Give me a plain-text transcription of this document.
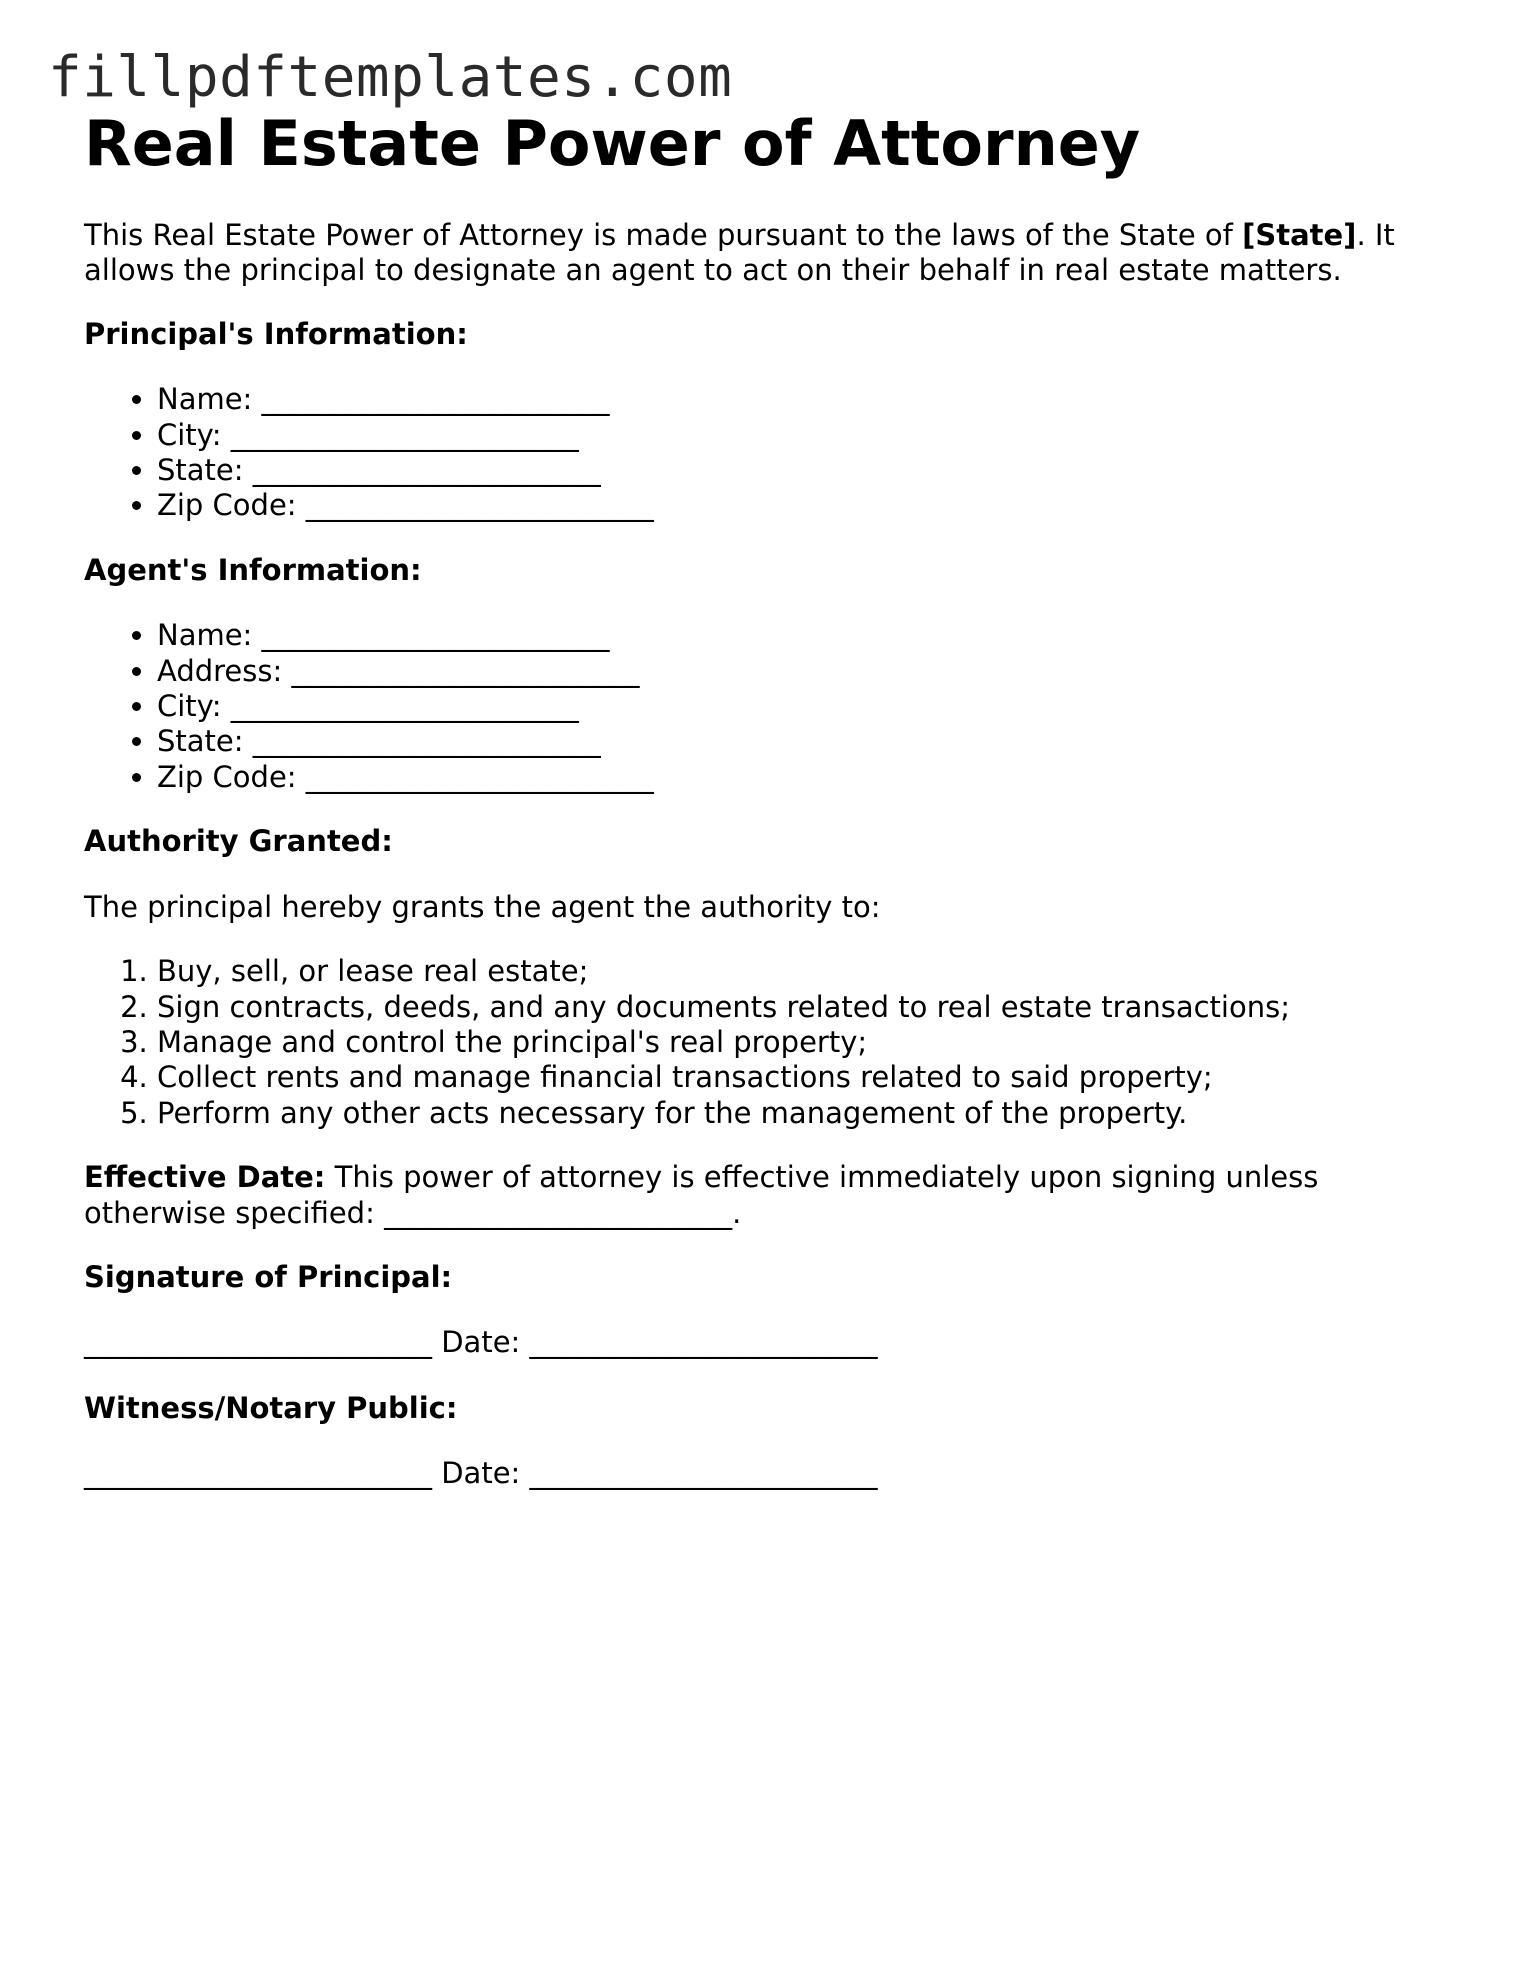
fillpdftemplates.com
Real Estate Power of Attorney

This Real Estate Power of Attorney is made pursuant to the laws of the State of [State]. It allows the principal to designate an agent to act on their behalf in real estate matters.

Principal's Information:

• Name: ________________________
• City: ________________________
• State: ________________________
• Zip Code: ________________________

Agent's Information:

• Name: ________________________
• Address: ________________________
• City: ________________________
• State: ________________________
• Zip Code: ________________________

Authority Granted:

The principal hereby grants the agent the authority to:

1. Buy, sell, or lease real estate;
2. Sign contracts, deeds, and any documents related to real estate transactions;
3. Manage and control the principal's real property;
4. Collect rents and manage financial transactions related to said property;
5. Perform any other acts necessary for the management of the property.

Effective Date: This power of attorney is effective immediately upon signing unless otherwise specified: ________________________.

Signature of Principal:

________________________ Date: ________________________

Witness/Notary Public:

________________________ Date: ________________________
